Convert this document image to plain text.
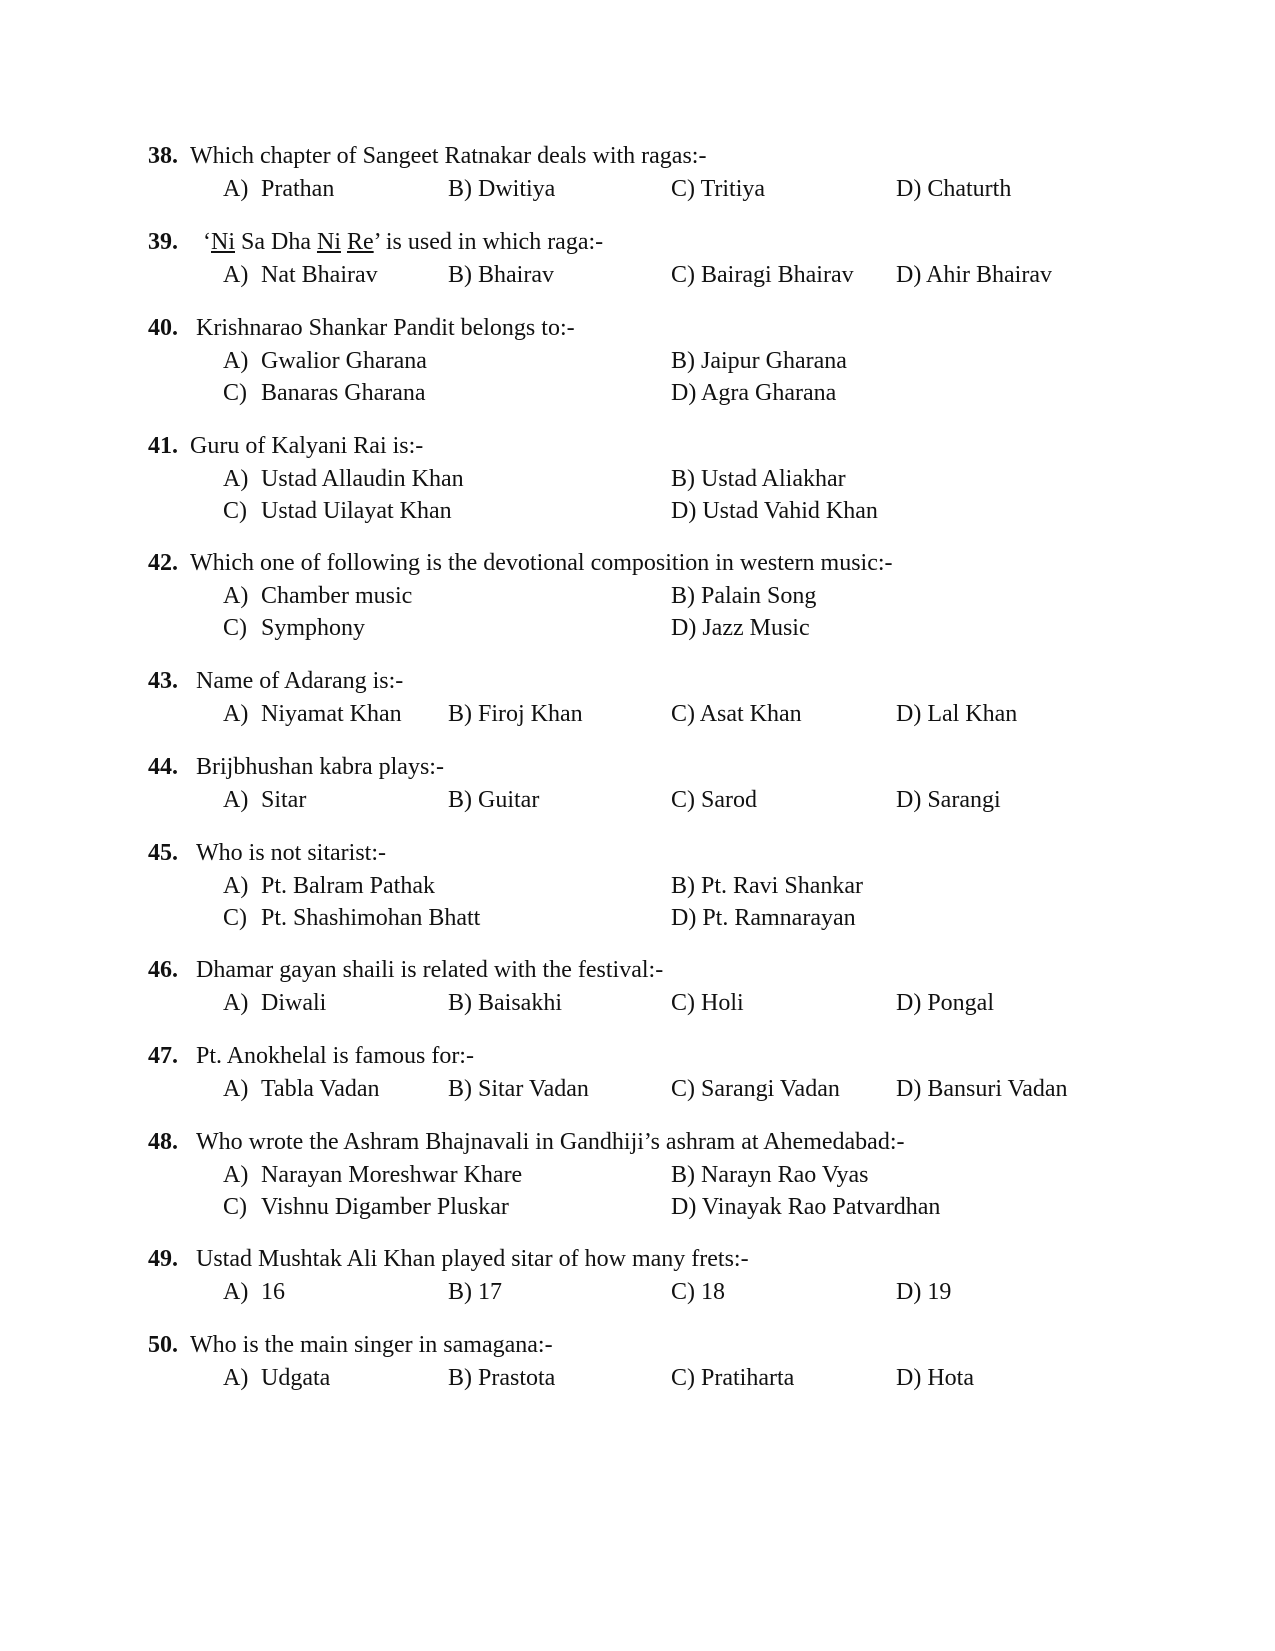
38. Which chapter of Sangeet Ratnakar deals with ragas:-
A) Prathan	B) Dwitiya	C) Tritiya	D) Chaturth
39. ‘Ni Sa Dha Ni Re’ is used in which raga:-
A) Nat Bhairav	B) Bhairav	C) Bairagi Bhairav D) Ahir Bhairav
40. Krishnarao Shankar Pandit belongs to:-
A) Gwalior Gharana	B) Jaipur Gharana
C) Banaras Gharana	D) Agra Gharana
41. Guru of Kalyani Rai is:-
A) Ustad Allaudin Khan	B) Ustad Aliakhar
C) Ustad Uilayat Khan	D) Ustad Vahid Khan
42. Which one of following is the devotional composition in western music:-
A) Chamber music	B) Palain Song
C) Symphony	D) Jazz Music
43. Name of Adarang is:-
A) Niyamat Khan B) Firoj Khan	C) Asat Khan	D) Lal Khan
44. Brijbhushan kabra plays:-
A) Sitar	B) Guitar	C) Sarod	D) Sarangi
45. Who is not sitarist:-
A) Pt. Balram Pathak	B) Pt. Ravi Shankar
C) Pt. Shashimohan Bhatt	D) Pt. Ramnarayan
46. Dhamar gayan shaili is related with the festival:-
A) Diwali	B) Baisakhi	C) Holi	D) Pongal
47. Pt. Anokhelal is famous for:-
A) Tabla Vadan	B) Sitar Vadan	C) Sarangi Vadan D) Bansuri Vadan
48. Who wrote the Ashram Bhajnavali in Gandhiji’s ashram at Ahemedabad:-
A) Narayan Moreshwar Khare	B) Narayn Rao Vyas
C) Vishnu Digamber Pluskar	D) Vinayak Rao Patvardhan
49. Ustad Mushtak Ali Khan played sitar of how many frets:-
A) 16	B) 17	C) 18	D) 19
50. Who is the main singer in samagana:-
A) Udgata	B) Prastota	C) Pratiharta	D) Hota
